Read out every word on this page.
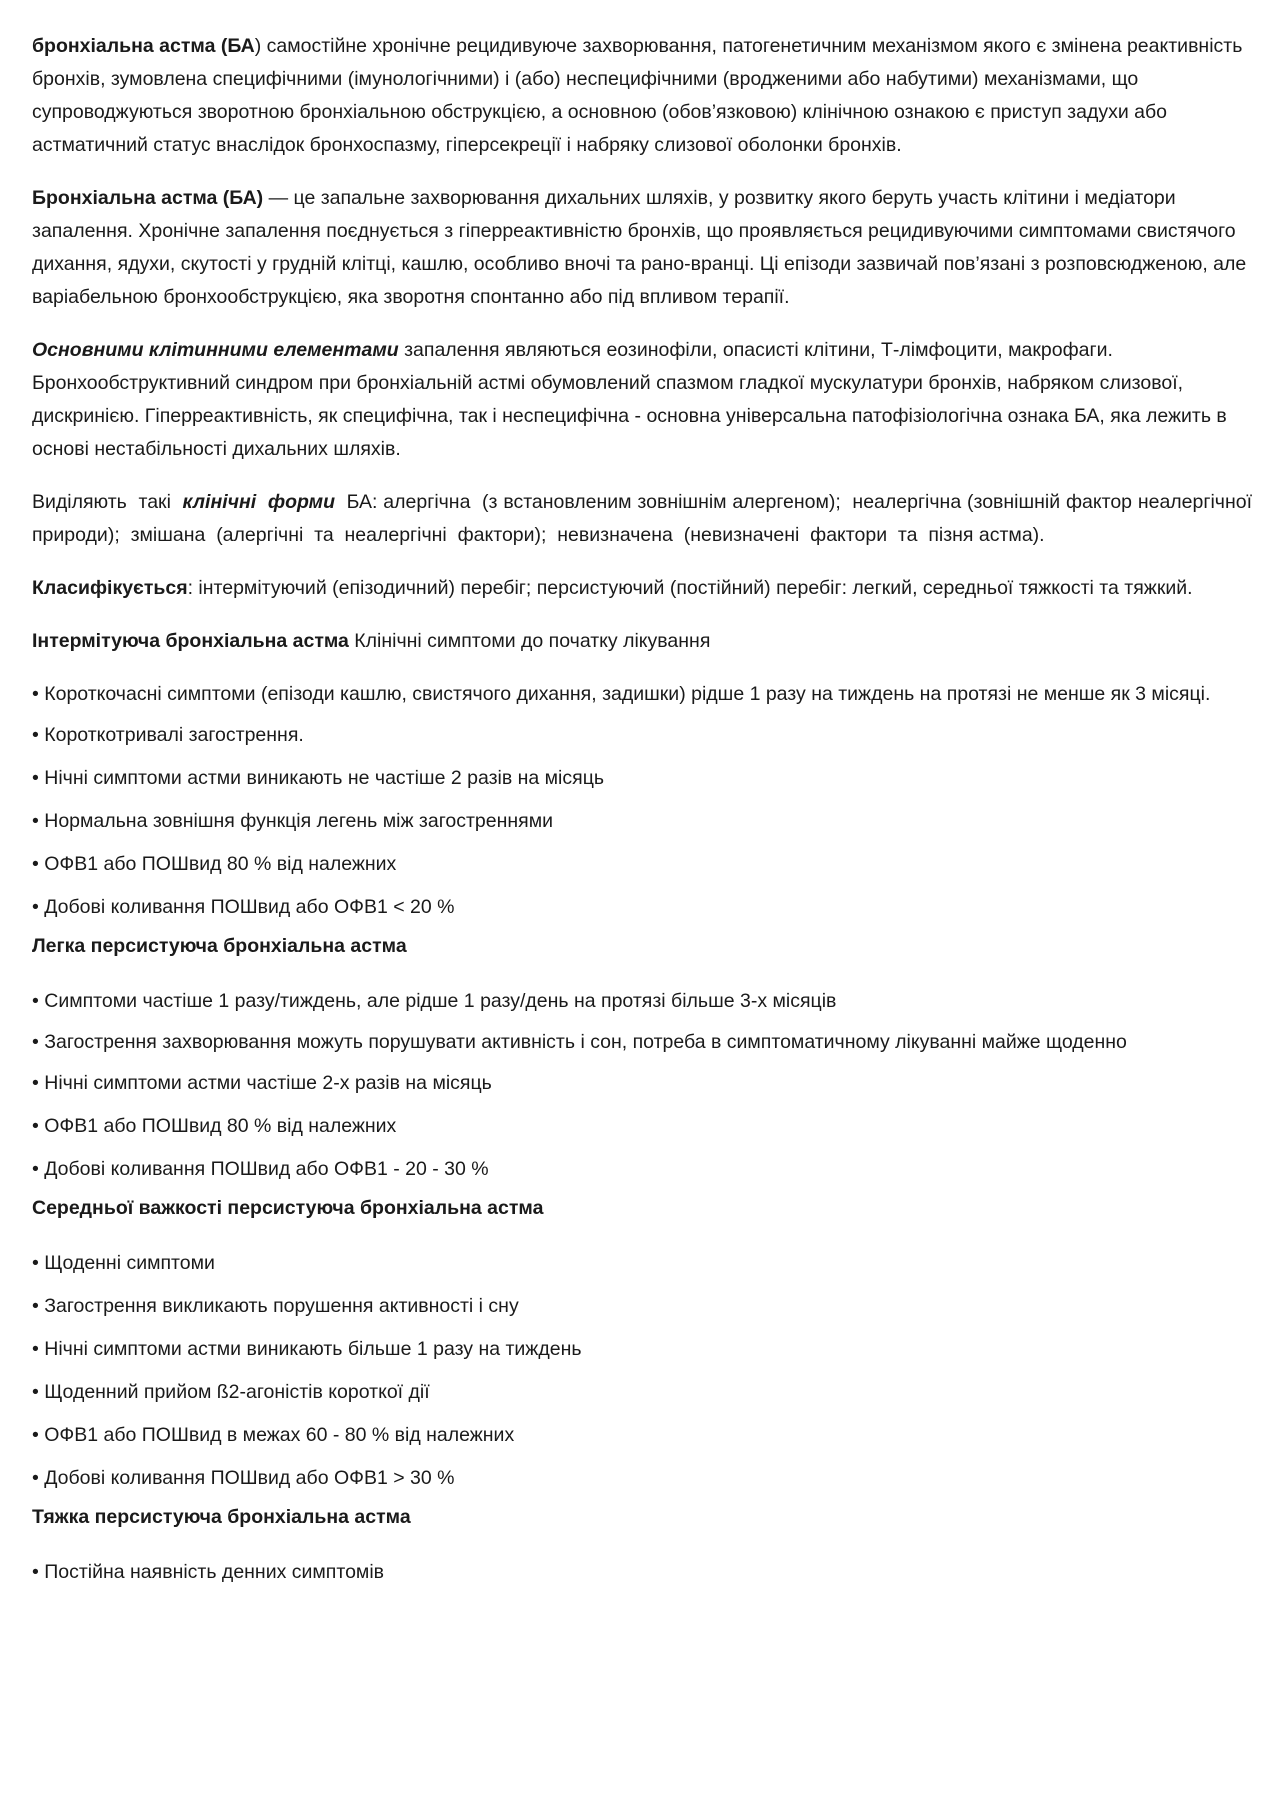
бронхіальна астма (БА) самостійне хронічне рецидивуюче захворювання, патогенетичним механізмом якого є змінена реактивність бронхів, зумовлена специфічними (імунологічними) і (або) неспецифічними (вродженими або набутими) механізмами, що супроводжуються зворотною бронхіальною обструкцією, а основною (обов’язковою) клінічною ознакою є приступ задухи або астматичний статус внаслідок бронхоспазму, гіперсекреції і набряку слизової оболонки бронхів.

Бронхіальна астма (БА) — це запальне захворювання дихальних шляхів, у розвитку якого беруть участь клітини і медіатори запалення. Хронічне запалення поєднується з гіперреактивністю бронхів, що проявляється рецидивуючими симптомами свистячого дихання, ядухи, скутості у грудній клітці, кашлю, особливо вночі та рано-вранці. Ці епізоди зазвичай пов’язані з розповсюдженою, але варіабельною бронхообструкцією, яка зворотня спонтанно або під впливом терапії.

Основними клітинними елементами запалення являються еозинофіли, опасисті клітини, Т-лімфоцити, макрофаги. Бронхообструктивний синдром при бронхіальній астмі обумовлений спазмом гладкої мускулатури бронхів, набряком слизової, дискринією. Гіперреактивність, як специфічна, так і неспецифічна - основна універсальна патофізіологічна ознака БА, яка лежить в основі нестабільності дихальних шляхів.

Виділяють  такі  клінічні  форми  БА: алергічна  (з встановленим зовнішнім алергеном);  неалергічна (зовнішній фактор неалергічної природи);  змішана  (алергічні  та  неалергічні  фактори);  невизначена  (невизначені  фактори  та  пізня астма).

Класифікується: інтермітуючий (епізодичний) перебіг; персистуючий (постійний) перебіг: легкий, середньої тяжкості та тяжкий.

Інтермітуюча бронхіальна астма Клінічні симптоми до початку лікування
• Короткочасні симптоми (епізоди кашлю, свистячого дихання, задишки) рідше 1 разу на тиждень на протязі не менше як 3 місяці.
• Короткотривалі загострення.
• Нічні симптоми астми виникають не частіше 2 разів на місяць
• Нормальна зовнішня функція легень між загостреннями
• ОФВ1 або ПОШвид 80 % від належних
• Добові коливання ПОШвид або ОФВ1 < 20 %
Легка персистуюча бронхіальна астма
• Симптоми частіше 1 разу/тиждень, але рідше 1 разу/день на протязі більше 3-х місяців
• Загострення захворювання можуть порушувати активність і сон, потреба в симптоматичному лікуванні майже щоденно
• Нічні симптоми астми частіше 2-х разів на місяць
• ОФВ1 або ПОШвид 80 % від належних
• Добові коливання ПОШвид або ОФВ1 - 20 - 30 %
Середньої важкості персистуюча бронхіальна астма
• Щоденні симптоми
• Загострення викликають порушення активності і сну
• Нічні симптоми астми виникають більше 1 разу на тиждень
• Щоденний прийом ß2-агоністів короткої дії
• ОФВ1 або ПОШвид в межах 60 - 80 % від належних
• Добові коливання ПОШвид або ОФВ1 > 30 %
Тяжка персистуюча бронхіальна астма
• Постійна наявність денних симптомів
